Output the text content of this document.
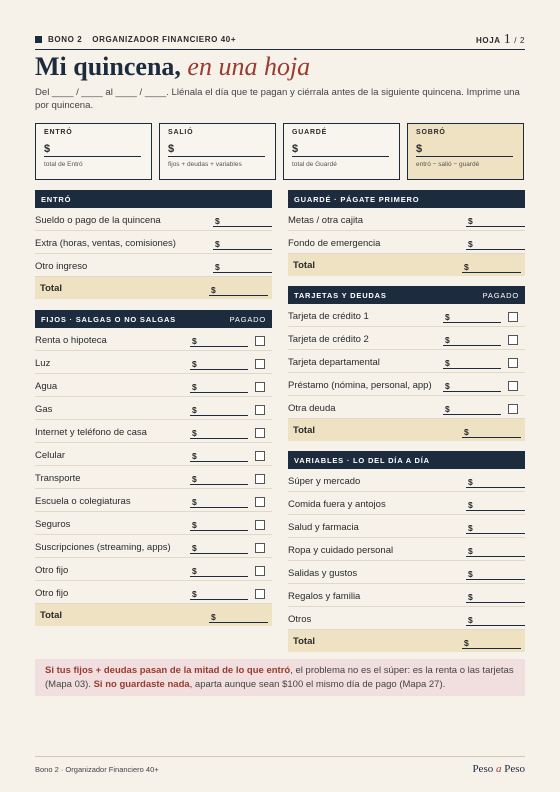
BONO 2 ORGANIZADOR FINANCIERO 40+	HOJA 1 / 2
Mi quincena, en una hoja
Del ____ / ____ al ____ / ____. Llénala el día que te pagan y ciérrala antes de la siguiente quincena. Imprime una por quincena.
ENTRÓ
$
total de Entró
SALIÓ
$
fijos + deudas + variables
GUARDÉ
$
total de Guardé
SOBRÓ
$
entró − salió − guardé
ENTRÓ
Sueldo o pago de la quincena	$
Extra (horas, ventas, comisiones)	$
Otro ingreso	$
Total	$
FIJOS · SALGAS O NO SALGAS	PAGADO
Renta o hipoteca	$
Luz	$
Agua	$
Gas	$
Internet y teléfono de casa	$
Celular	$
Transporte	$
Escuela o colegiaturas	$
Seguros	$
Suscripciones (streaming, apps)	$
Otro fijo	$
Otro fijo	$
Total	$
GUARDÉ · PÁGATE PRIMERO
Metas / otra cajita	$
Fondo de emergencia	$
Total	$
TARJETAS Y DEUDAS	PAGADO
Tarjeta de crédito 1	$
Tarjeta de crédito 2	$
Tarjeta departamental	$
Préstamo (nómina, personal, app) $
Otra deuda	$
Total	$
VARIABLES · LO DEL DÍA A DÍA
Súper y mercado	$
Comida fuera y antojos	$
Salud y farmacia	$
Ropa y cuidado personal	$
Salidas y gustos	$
Regalos y familia	$
Otros	$
Total	$
Si tus fijos + deudas pasan de la mitad de lo que entró, el problema no es el súper: es la renta o las tarjetas (Mapa 03). Si no guardaste nada, aparta aunque sean $100 el mismo día de pago (Mapa 27).
Bono 2 · Organizador Financiero 40+	Peso a Peso
